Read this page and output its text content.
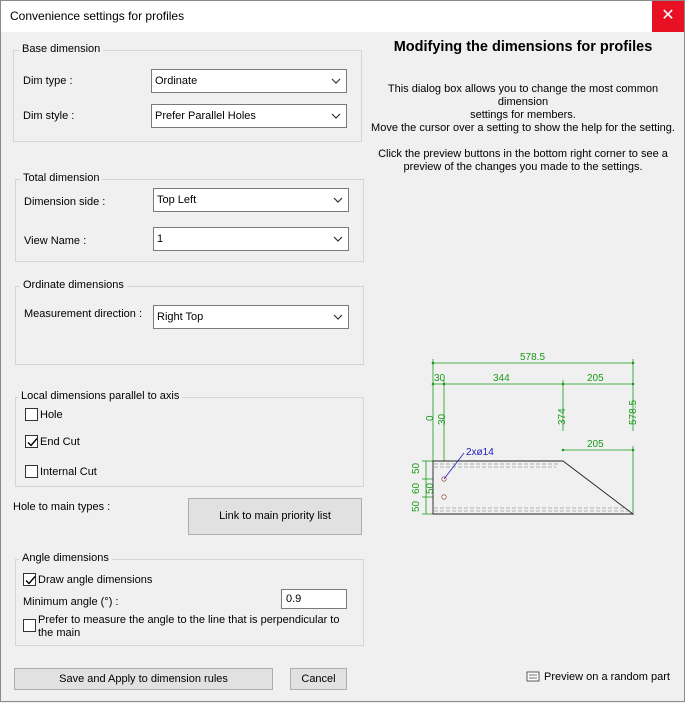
Convenience settings for profiles	✕
Base dimension
Dim type :	Ordinate
Dim style :	Prefer Parallel Holes
Total dimension
Dimension side :	Top Left
View Name :	1
Ordinate dimensions
Measurement direction : Right Top
Local dimensions parallel to axis
Hole
End Cut
Internal Cut
Hole to main types :
Link to main priority list
Angle dimensions
Draw angle dimensions
Minimum angle (°) :
0.9
Prefer to measure the angle to the line that is perpendicular to
the main
Save and Apply to dimension rules	Cancel
Modifying the dimensions for profiles
This dialog box allows you to change the most common dimension
settings for members.
Move the cursor over a setting to show the help for the setting.
Click the preview buttons in the bottom right corner to see a
preview of the changes you made to the settings.
578.5
30	344	205
205
0 30	374	578.5
50
60
50
50
2xø14
Preview on a random part
